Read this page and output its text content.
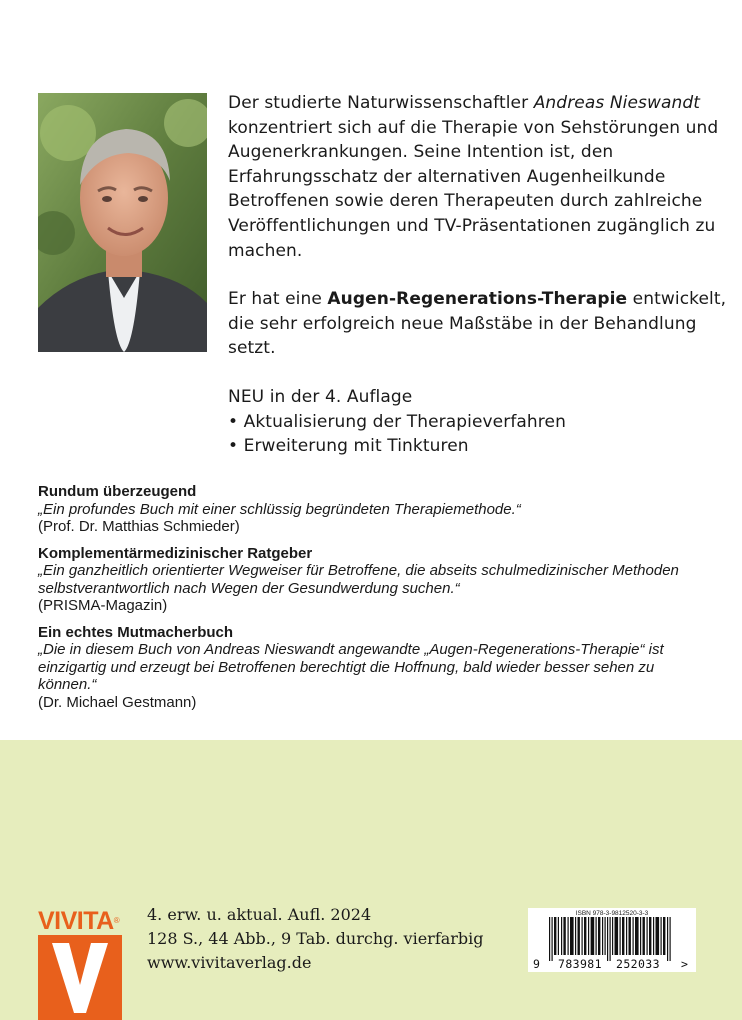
Der studierte Naturwissenschaftler Andreas Nieswandt konzentriert sich auf die Therapie von Sehstörungen und Augenerkrankungen. Seine Intention ist, den Erfahrungsschatz der alternativen Augenheilkunde Betroffenen sowie deren Therapeuten durch zahlreiche Veröffentlichungen und TV-Präsentationen zugänglich zu machen.

Er hat eine Augen-Regenerations-Therapie entwickelt, die sehr erfolgreich neue Maßstäbe in der Behandlung setzt.

NEU in der 4. Auflage

• Aktualisierung der Therapieverfahren

• Erweiterung mit Tinkturen

Rundum überzeugend
„Ein profundes Buch mit einer schlüssig begründeten Therapiemethode.“
(Prof. Dr. Matthias Schmieder)
Komplementärmedizinischer Ratgeber
„Ein ganzheitlich orientierter Wegweiser für Betroffene, die abseits schulmedizinischer Methoden selbstverantwortlich nach Wegen der Gesundwerdung suchen.“
(PRISMA-Magazin)
Ein echtes Mutmacherbuch
„Die in diesem Buch von Andreas Nieswandt angewandte „Augen-Regenerations-Therapie“ ist einzigartig und erzeugt bei Betroffenen berechtigt die Hoffnung, bald wieder besser sehen zu können.“
(Dr. Michael Gestmann)
VIVITA® 4. erw. u. aktual. Aufl. 2024
128 S., 44 Abb., 9 Tab. durchg. vierfarbig
www.vivitaverlag.de
ISBN 978-3-9812520-3-3
9 783981 252033 >
